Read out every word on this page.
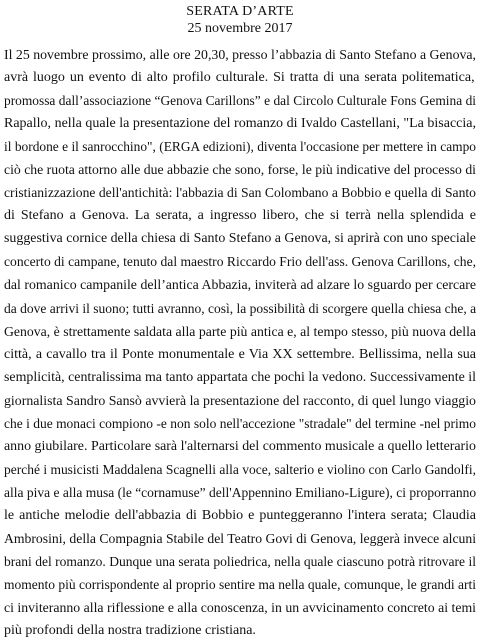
SERATA D’ARTE
25 novembre 2017
Il 25 novembre prossimo, alle ore 20,30, presso l’abbazia di Santo Stefano a Genova,
avrà luogo un evento di alto profilo culturale. Si tratta di una serata politematica,
promossa dall’associazione “Genova Carillons” e dal Circolo Culturale Fons Gemina di
Rapallo, nella quale la presentazione del romanzo di Ivaldo Castellani, "La bisaccia,
il bordone e il sanrocchino", (ERGA edizioni), diventa l'occasione per mettere in campo
ciò che ruota attorno alle due abbazie che sono, forse, le più indicative del processo di
cristianizzazione dell'antichità: l'abbazia di San Colombano a Bobbio e quella di Santo
di Stefano a Genova. La serata, a ingresso libero, che si terrà nella splendida e
suggestiva cornice della chiesa di Santo Stefano a Genova, si aprirà con uno speciale
concerto di campane, tenuto dal maestro Riccardo Frio dell'ass. Genova Carillons, che,
dal romanico campanile dell’antica Abbazia, inviterà ad alzare lo sguardo per cercare
da dove arrivi il suono; tutti avranno, così, la possibilità di scorgere quella chiesa che, a
Genova, è strettamente saldata alla parte più antica e, al tempo stesso, più nuova della
città, a cavallo tra il Ponte monumentale e Via XX settembre. Bellissima, nella sua
semplicità, centralissima ma tanto appartata che pochi la vedono. Successivamente il
giornalista Sandro Sansò avvierà la presentazione del racconto, di quel lungo viaggio
che i due monaci compiono -e non solo nell'accezione "stradale" del termine -nel primo
anno giubilare. Particolare sarà l'alternarsi del commento musicale a quello letterario
perché i musicisti Maddalena Scagnelli alla voce, salterio e violino con Carlo Gandolfi,
alla piva e alla musa (le “cornamuse” dell'Appennino Emiliano-Ligure), ci proporranno
le antiche melodie dell'abbazia di Bobbio e punteggeranno l'intera serata; Claudia
Ambrosini, della Compagnia Stabile del Teatro Govi di Genova, leggerà invece alcuni
brani del romanzo. Dunque una serata poliedrica, nella quale ciascuno potrà ritrovare il
momento più corrispondente al proprio sentire ma nella quale, comunque, le grandi arti
ci inviteranno alla riflessione e alla conoscenza, in un avvicinamento concreto ai temi
più profondi della nostra tradizione cristiana.
